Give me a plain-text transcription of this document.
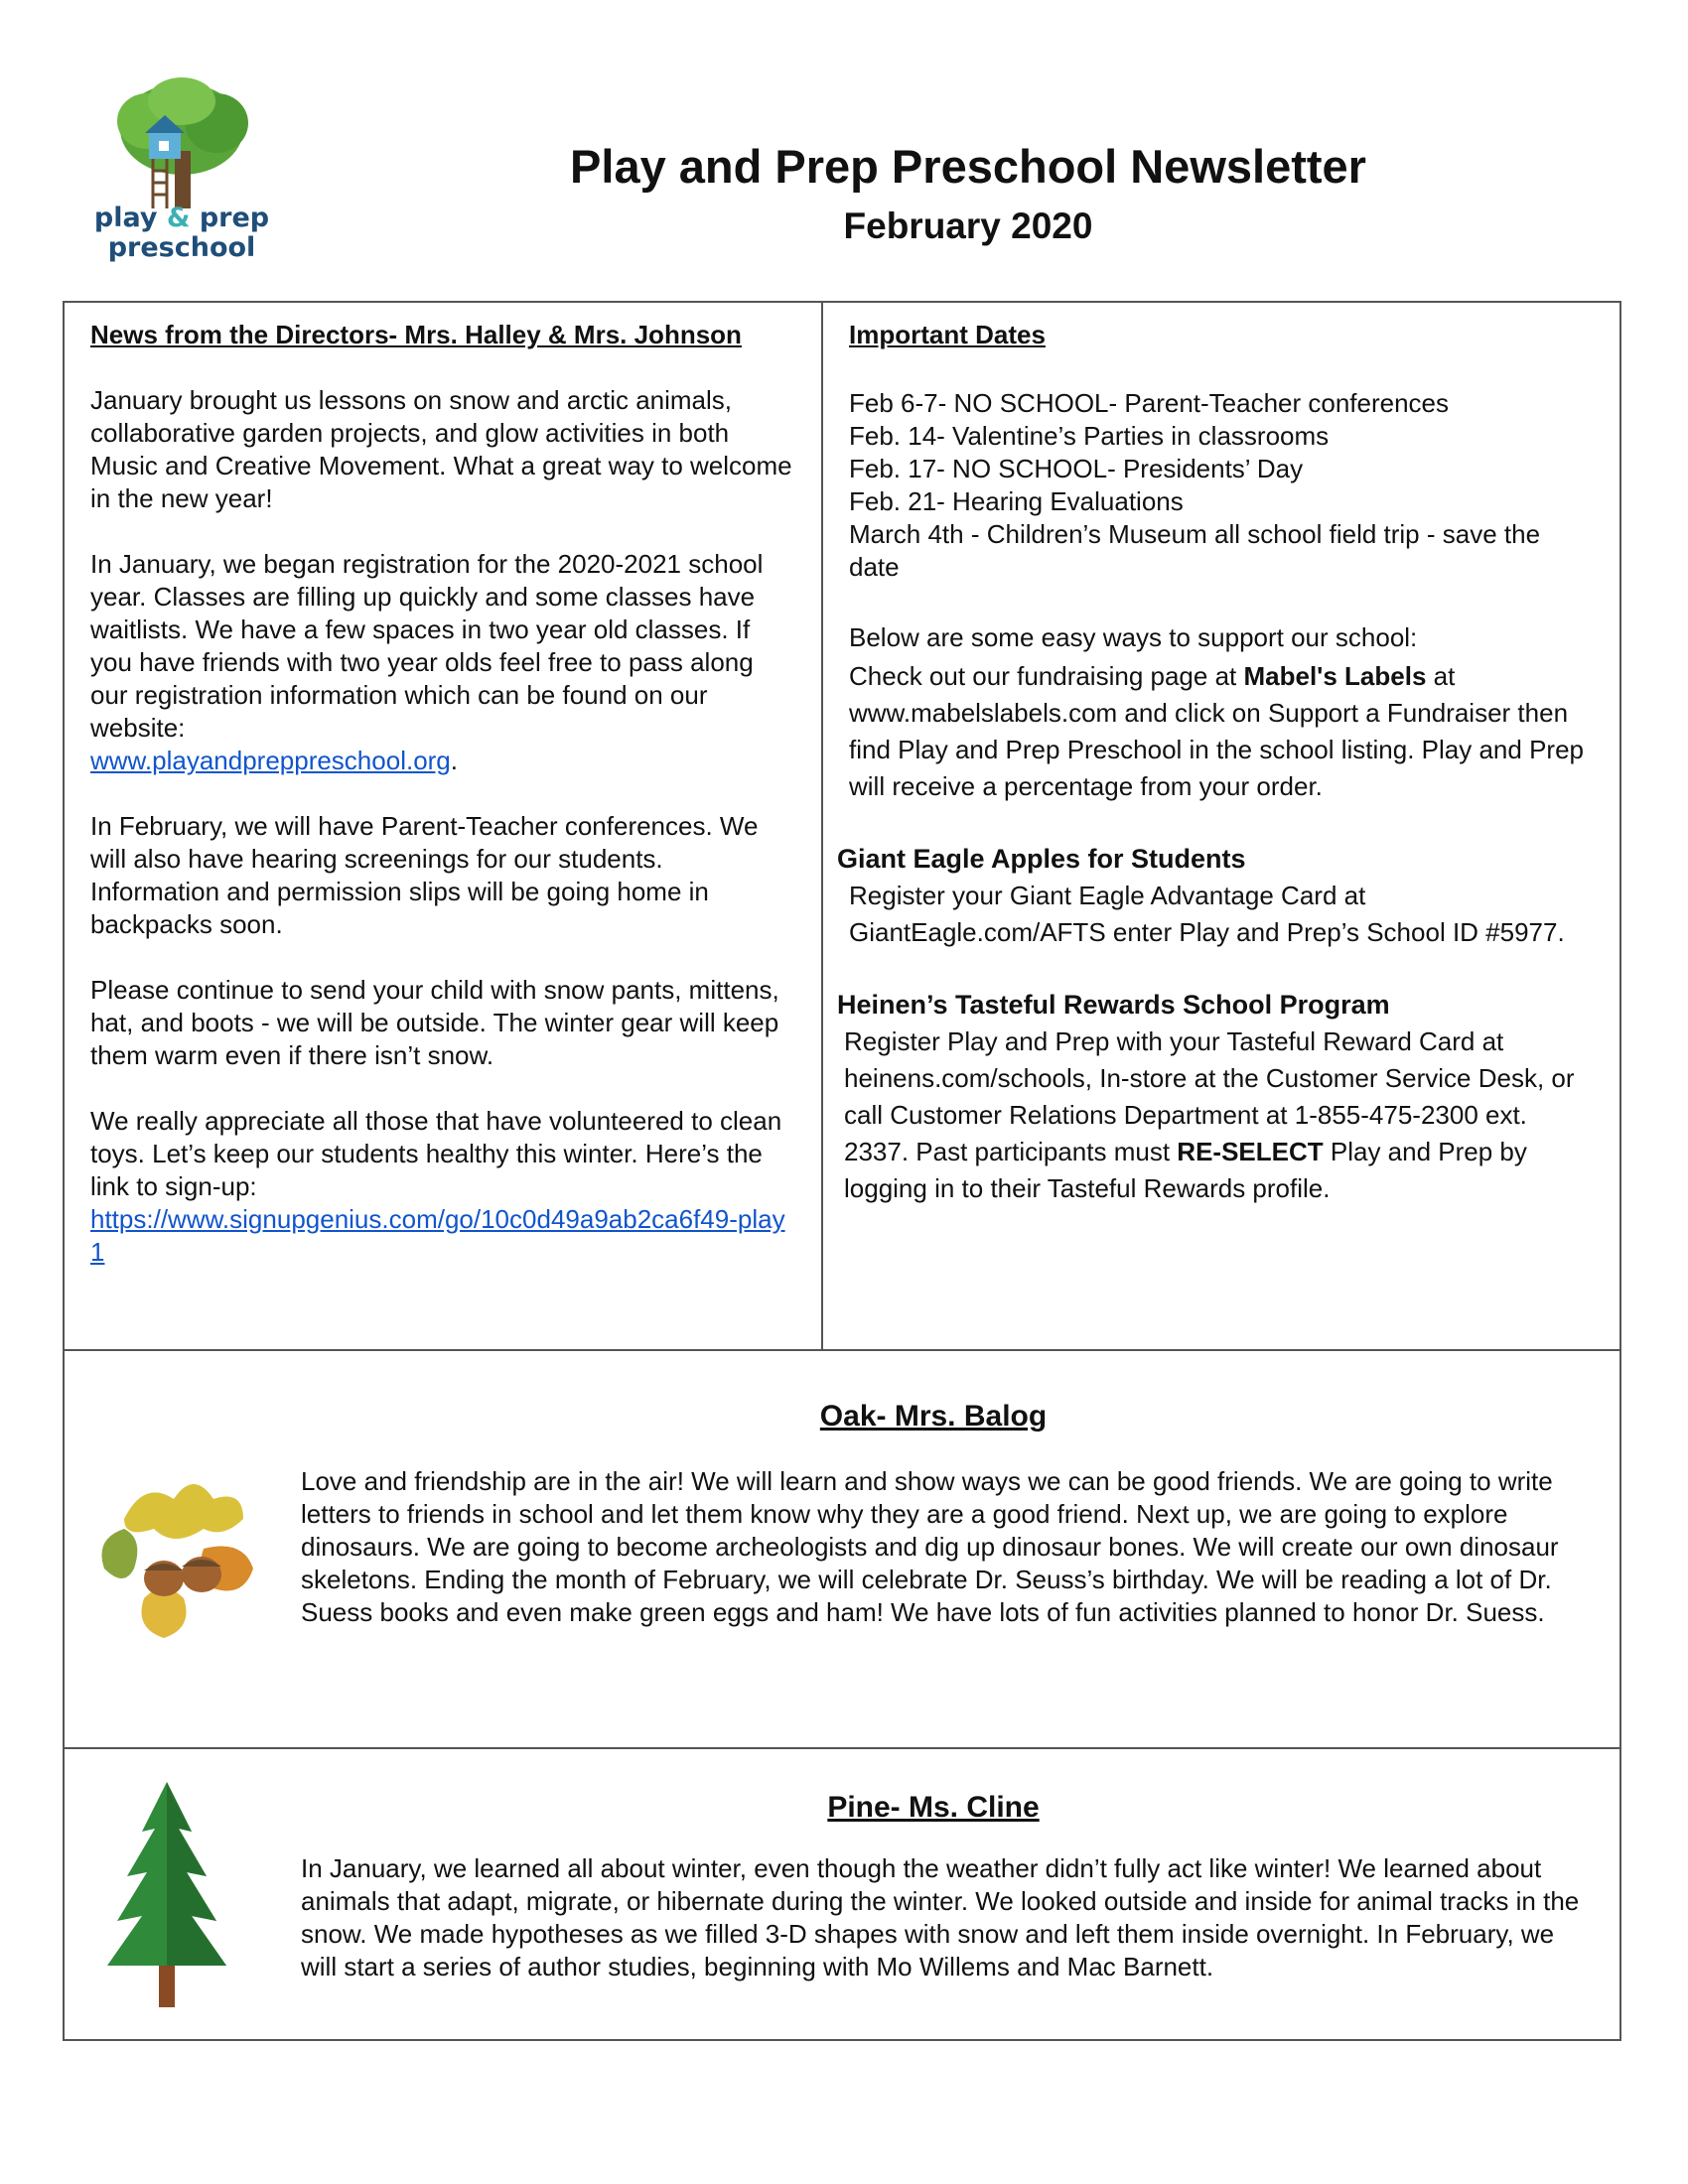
play & prep
preschool
Play and Prep Preschool Newsletter
February 2020
News from the Directors- Mrs. Halley & Mrs. Johnson

January brought us lessons on snow and arctic animals, collaborative garden projects, and glow activities in both Music and Creative Movement. What a great way to welcome in the new year!

In January, we began registration for the 2020-2021 school year. Classes are filling up quickly and some classes have waitlists. We have a few spaces in two year old classes. If you have friends with two year olds feel free to pass along our registration information which can be found on our website:
www.playandpreppreschool.org.

In February, we will have Parent-Teacher conferences. We will also have hearing screenings for our students. Information and permission slips will be going home in backpacks soon.

Please continue to send your child with snow pants, mittens, hat, and boots - we will be outside. The winter gear will keep them warm even if there isn’t snow.

We really appreciate all those that have volunteered to clean toys. Let’s keep our students healthy this winter. Here’s the link to sign-up:
https://www.signupgenius.com/go/10c0d49a9ab2ca6f49-play1

Important Dates
Feb 6-7- NO SCHOOL- Parent-Teacher conferences
Feb. 14- Valentine’s Parties in classrooms
Feb. 17- NO SCHOOL- Presidents’ Day
Feb. 21- Hearing Evaluations
March 4th - Children’s Museum all school field trip - save the date
Below are some easy ways to support our school:
Check out our fundraising page at Mabel's Labels at www.mabelslabels.com and click on Support a Fundraiser then find Play and Prep Preschool in the school listing. Play and Prep will receive a percentage from your order.
Giant Eagle Apples for Students
Register your Giant Eagle Advantage Card at GiantEagle.com/AFTS enter Play and Prep’s School ID #5977.
Heinen’s Tasteful Rewards School Program
Register Play and Prep with your Tasteful Reward Card at heinens.com/schools, In-store at the Customer Service Desk, or call Customer Relations Department at 1-855-475-2300 ext. 2337. Past participants must RE-SELECT Play and Prep by logging in to their Tasteful Rewards profile.
Oak- Mrs. Balog
Love and friendship are in the air! We will learn and show ways we can be good friends. We are going to write letters to friends in school and let them know why they are a good friend. Next up, we are going to explore dinosaurs. We are going to become archeologists and dig up dinosaur bones. We will create our own dinosaur skeletons. Ending the month of February, we will celebrate Dr. Seuss’s birthday. We will be reading a lot of Dr. Suess books and even make green eggs and ham! We have lots of fun activities planned to honor Dr. Suess.
Pine- Ms. Cline
In January, we learned all about winter, even though the weather didn’t fully act like winter! We learned about animals that adapt, migrate, or hibernate during the winter. We looked outside and inside for animal tracks in the snow. We made hypotheses as we filled 3-D shapes with snow and left them inside overnight. In February, we will start a series of author studies, beginning with Mo Willems and Mac Barnett.
